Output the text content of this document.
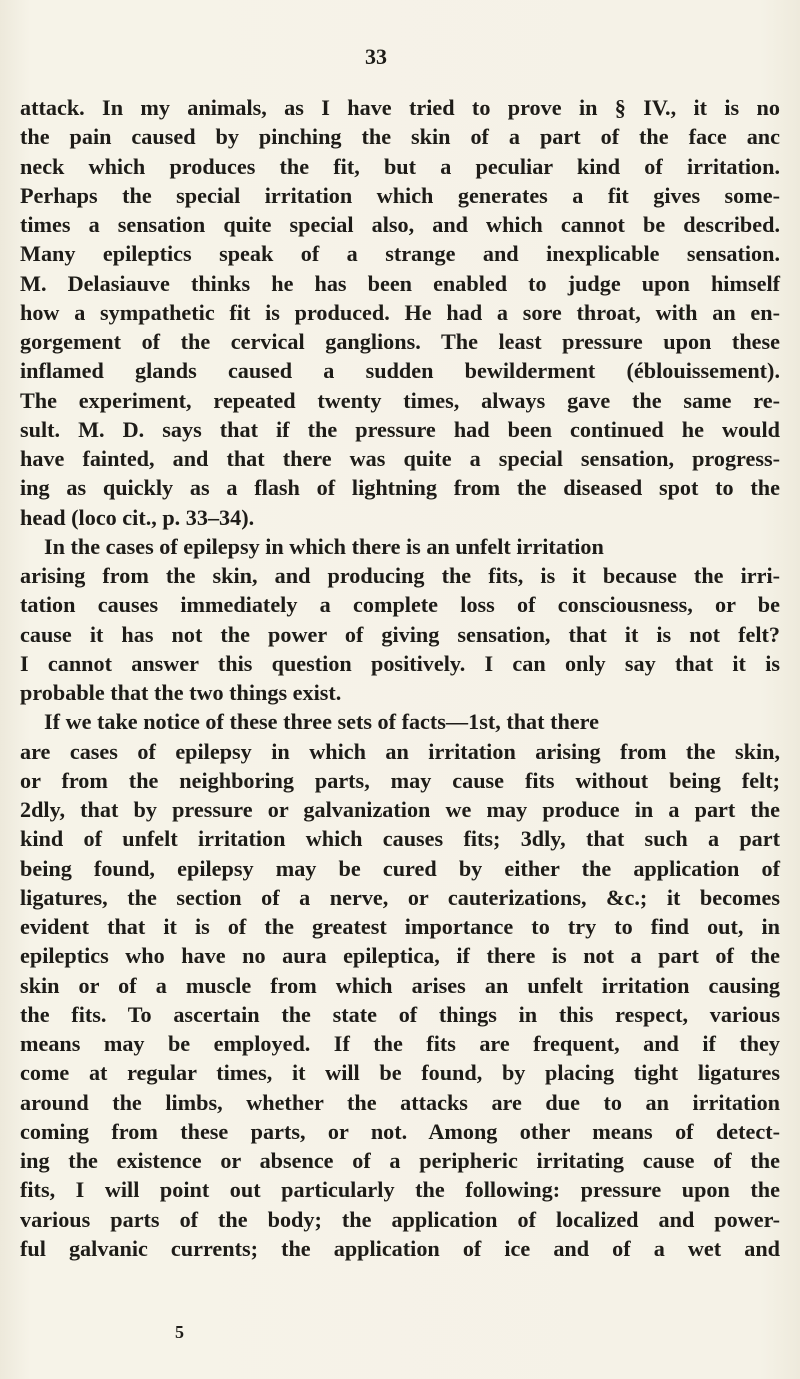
33
attack. In my animals, as I have tried to prove in § IV., it is no
the pain caused by pinching the skin of a part of the face anc
neck which produces the fit, but a peculiar kind of irritation.
Perhaps the special irritation which generates a fit gives some-
times a sensation quite special also, and which cannot be described.
Many epileptics speak of a strange and inexplicable sensation.
M. Delasiauve thinks he has been enabled to judge upon himself
how a sympathetic fit is produced. He had a sore throat, with an en-
gorgement of the cervical ganglions. The least pressure upon these
inflamed glands caused a sudden bewilderment (éblouissement).
The experiment, repeated twenty times, always gave the same re-
sult. M. D. says that if the pressure had been continued he would
have fainted, and that there was quite a special sensation, progress-
ing as quickly as a flash of lightning from the diseased spot to the
head (loco cit., p. 33–34).
In the cases of epilepsy in which there is an unfelt irritation
arising from the skin, and producing the fits, is it because the irri-
tation causes immediately a complete loss of consciousness, or be
cause it has not the power of giving sensation, that it is not felt?
I cannot answer this question positively. I can only say that it is
probable that the two things exist.
If we take notice of these three sets of facts—1st, that there
are cases of epilepsy in which an irritation arising from the skin,
or from the neighboring parts, may cause fits without being felt;
2dly, that by pressure or galvanization we may produce in a part the
kind of unfelt irritation which causes fits; 3dly, that such a part
being found, epilepsy may be cured by either the application of
ligatures, the section of a nerve, or cauterizations, &c.; it becomes
evident that it is of the greatest importance to try to find out, in
epileptics who have no aura epileptica, if there is not a part of the
skin or of a muscle from which arises an unfelt irritation causing
the fits. To ascertain the state of things in this respect, various
means may be employed. If the fits are frequent, and if they
come at regular times, it will be found, by placing tight ligatures
around the limbs, whether the attacks are due to an irritation
coming from these parts, or not. Among other means of detect-
ing the existence or absence of a peripheric irritating cause of the
fits, I will point out particularly the following: pressure upon the
various parts of the body; the application of localized and power-
ful galvanic currents; the application of ice and of a wet and
5
